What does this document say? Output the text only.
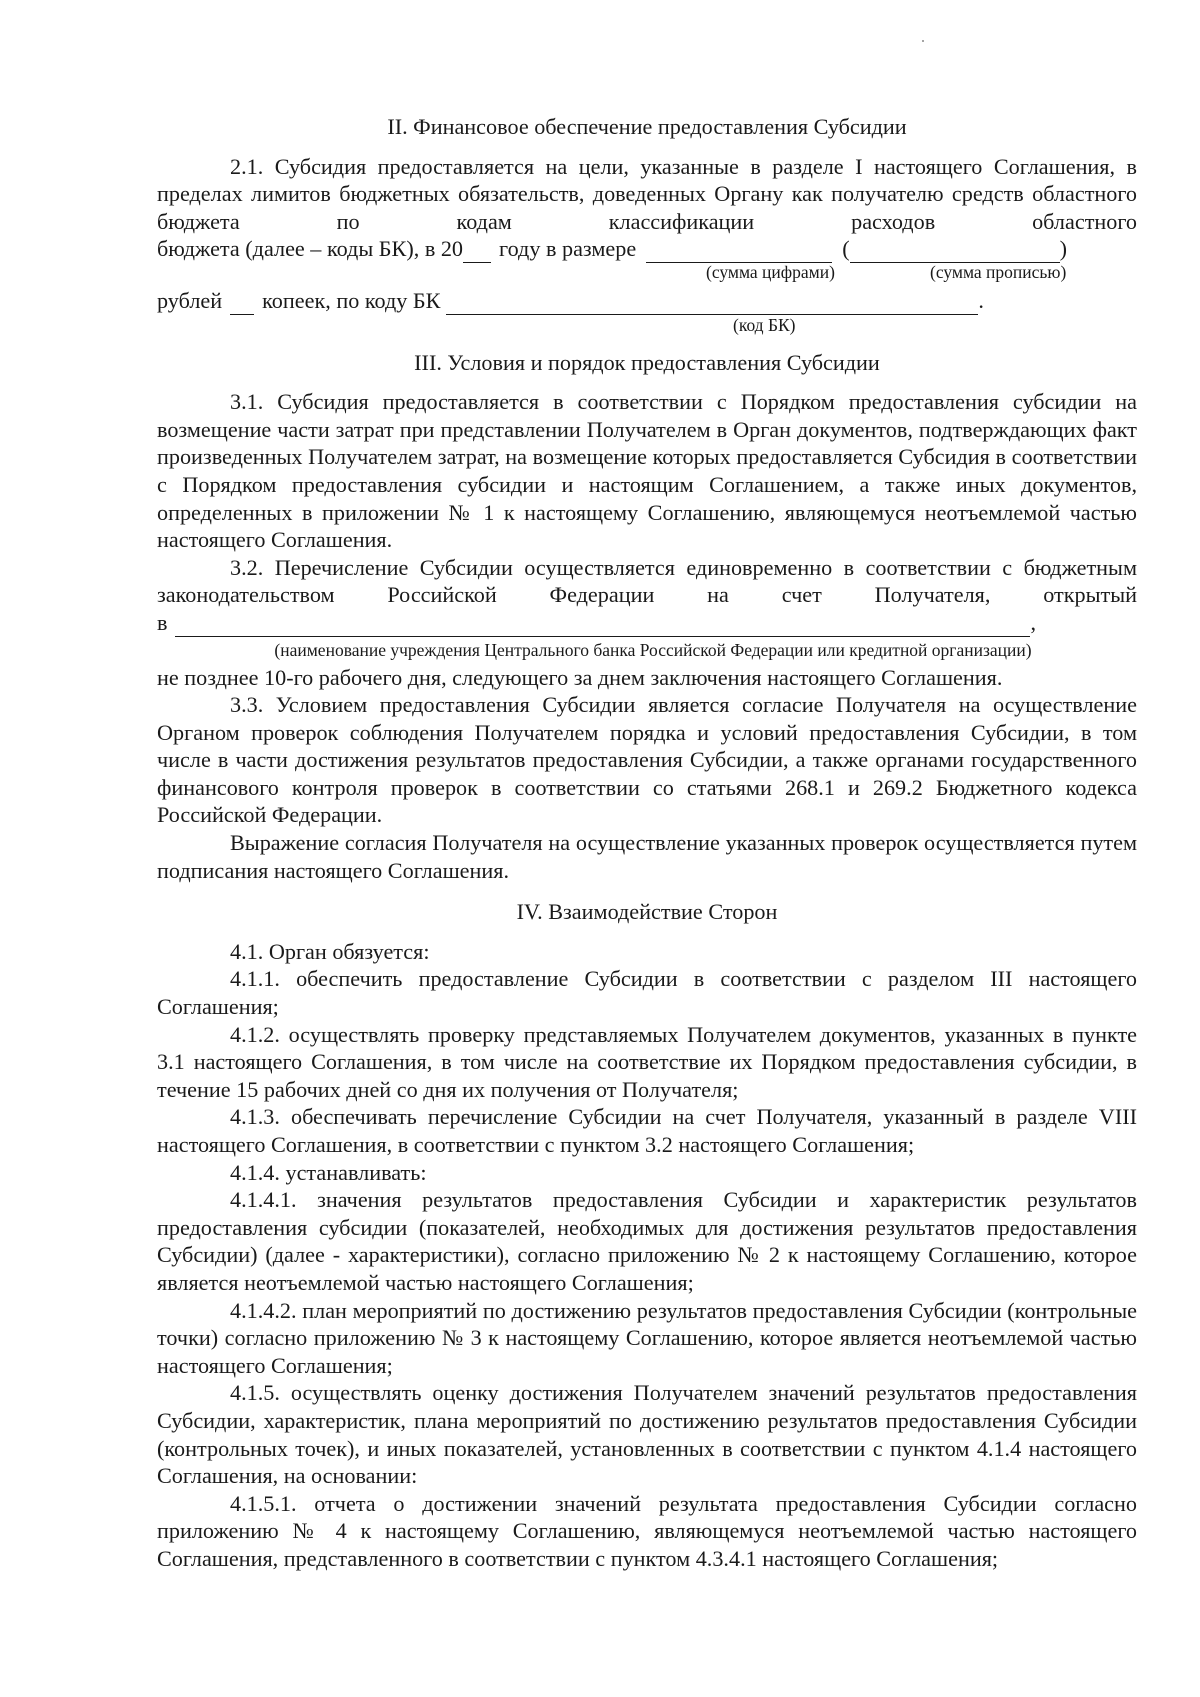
II. Финансовое обеспечение предоставления Субсидии

2.1. Субсидия предоставляется на цели, указанные в разделе I настоящего Соглашения, в пределах лимитов бюджетных обязательств, доведенных Органу как получателю средств областного бюджета по кодам классификации расходов областного

бюджета (далее – коды БК), в 20 году в размере	(	)
(сумма цифрами)	(сумма прописью)
рублей копеек, по коду БК	.
(код БК)

III. Условия и порядок предоставления Субсидии

3.1. Субсидия предоставляется в соответствии с Порядком предоставления субсидии на возмещение части затрат при представлении Получателем в Орган документов, подтверждающих факт произведенных Получателем затрат, на возмещение которых предоставляется Субсидия в соответствии с Порядком предоставления субсидии и настоящим Соглашением, а также иных документов, определенных в приложении № 1 к настоящему Соглашению, являющемуся неотъемлемой частью настоящего Соглашения.

3.2. Перечисление Субсидии осуществляется единовременно в соответствии с бюджетным законодательством Российской Федерации на счет Получателя, открытый

в	,
(наименование учреждения Центрального банка Российской Федерации или кредитной организации)

не позднее 10-го рабочего дня, следующего за днем заключения настоящего Соглашения.

3.3. Условием предоставления Субсидии является согласие Получателя на осуществление Органом проверок соблюдения Получателем порядка и условий предоставления Субсидии, в том числе в части достижения результатов предоставления Субсидии, а также органами государственного финансового контроля проверок в соответствии со статьями 268.1 и 269.2 Бюджетного кодекса Российской Федерации.

Выражение согласия Получателя на осуществление указанных проверок осуществляется путем подписания настоящего Соглашения.

IV. Взаимодействие Сторон

4.1. Орган обязуется:

4.1.1. обеспечить предоставление Субсидии в соответствии с разделом III настоящего Соглашения;

4.1.2. осуществлять проверку представляемых Получателем документов, указанных в пункте 3.1 настоящего Соглашения, в том числе на соответствие их Порядком предоставления субсидии, в течение 15 рабочих дней со дня их получения от Получателя;

4.1.3. обеспечивать перечисление Субсидии на счет Получателя, указанный в разделе VIII настоящего Соглашения, в соответствии с пунктом 3.2 настоящего Соглашения;

4.1.4. устанавливать:

4.1.4.1. значения результатов предоставления Субсидии и характеристик результатов предоставления субсидии (показателей, необходимых для достижения результатов предоставления Субсидии) (далее - характеристики), согласно приложению № 2 к настоящему Соглашению, которое является неотъемлемой частью настоящего Соглашения;

4.1.4.2. план мероприятий по достижению результатов предоставления Субсидии (контрольные точки) согласно приложению № 3 к настоящему Соглашению, которое является неотъемлемой частью настоящего Соглашения;

4.1.5. осуществлять оценку достижения Получателем значений результатов предоставления Субсидии, характеристик, плана мероприятий по достижению результатов предоставления Субсидии (контрольных точек), и иных показателей, установленных в соответствии с пунктом 4.1.4 настоящего Соглашения, на основании:

4.1.5.1. отчета о достижении значений результата предоставления Субсидии согласно приложению № 4 к настоящему Соглашению, являющемуся неотъемлемой частью настоящего Соглашения, представленного в соответствии с пунктом 4.3.4.1 настоящего Соглашения;
